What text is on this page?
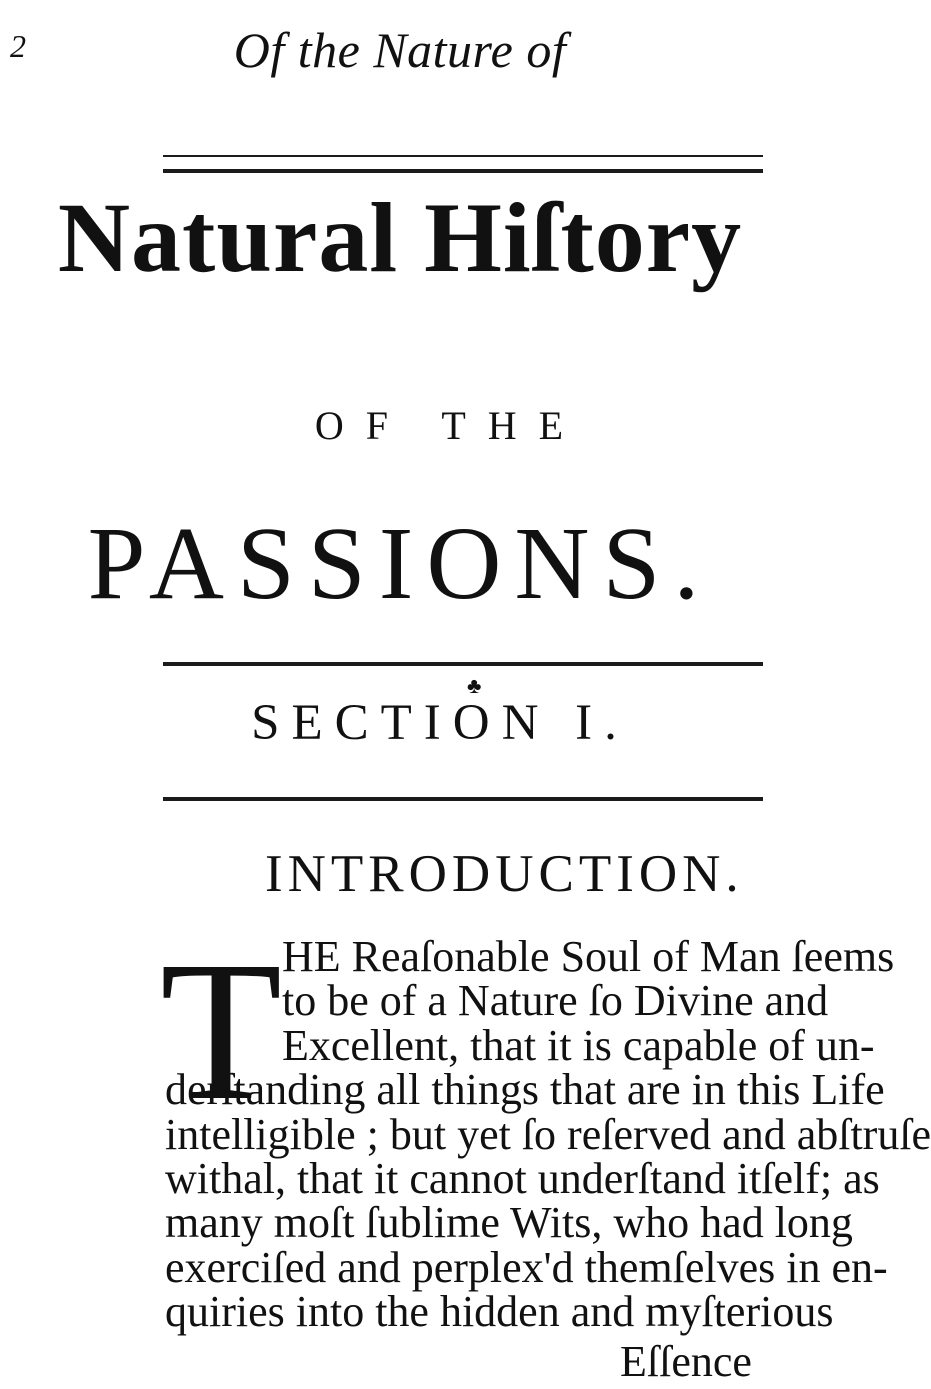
2	Of the Nature of
Natural Hiſtory
OF THE
PASSIONS.
♣
SECTION I.
INTRODUCTION.
T HE Reaſonable Soul of Man ſeems
to be of a Nature ſo Divine and
Excellent, that it is capable of un-
derſtanding all things that are in this Life
intelligible ; but yet ſo reſerved and abſtruſe
withal, that it cannot underſtand itſelf; as
many moſt ſublime Wits, who had long
exerciſed and perplex'd themſelves in en-
quiries into the hidden and myſterious
Eſſence
